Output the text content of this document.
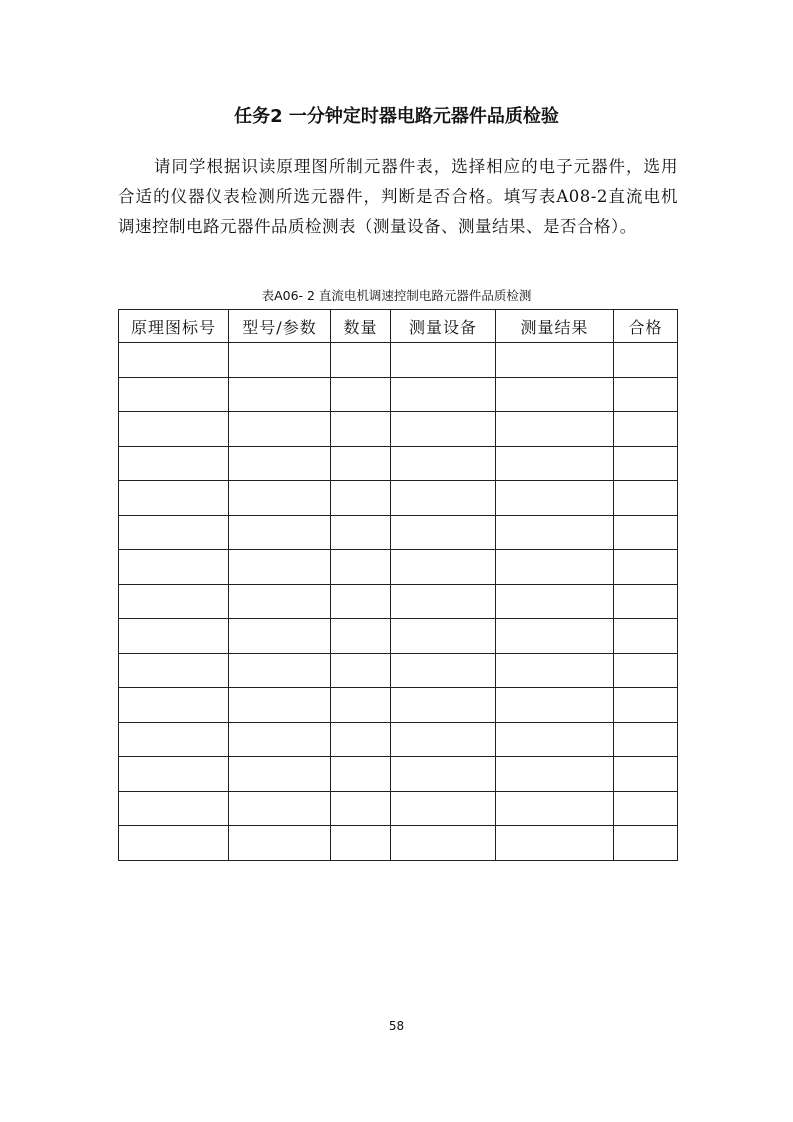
任务2 一分钟定时器电路元器件品质检验

请同学根据识读原理图所制元器件表，选择相应的电子元器件，选用合适的仪器仪表检测所选元器件，判断是否合格。填写表A08-2直流电机调速控制电路元器件品质检测表（测量设备、测量结果、是否合格）。

表A06- 2 直流电机调速控制电路元器件品质检测
原理图标号	型号/参数	数量	测量设备	测量结果	合格

58
